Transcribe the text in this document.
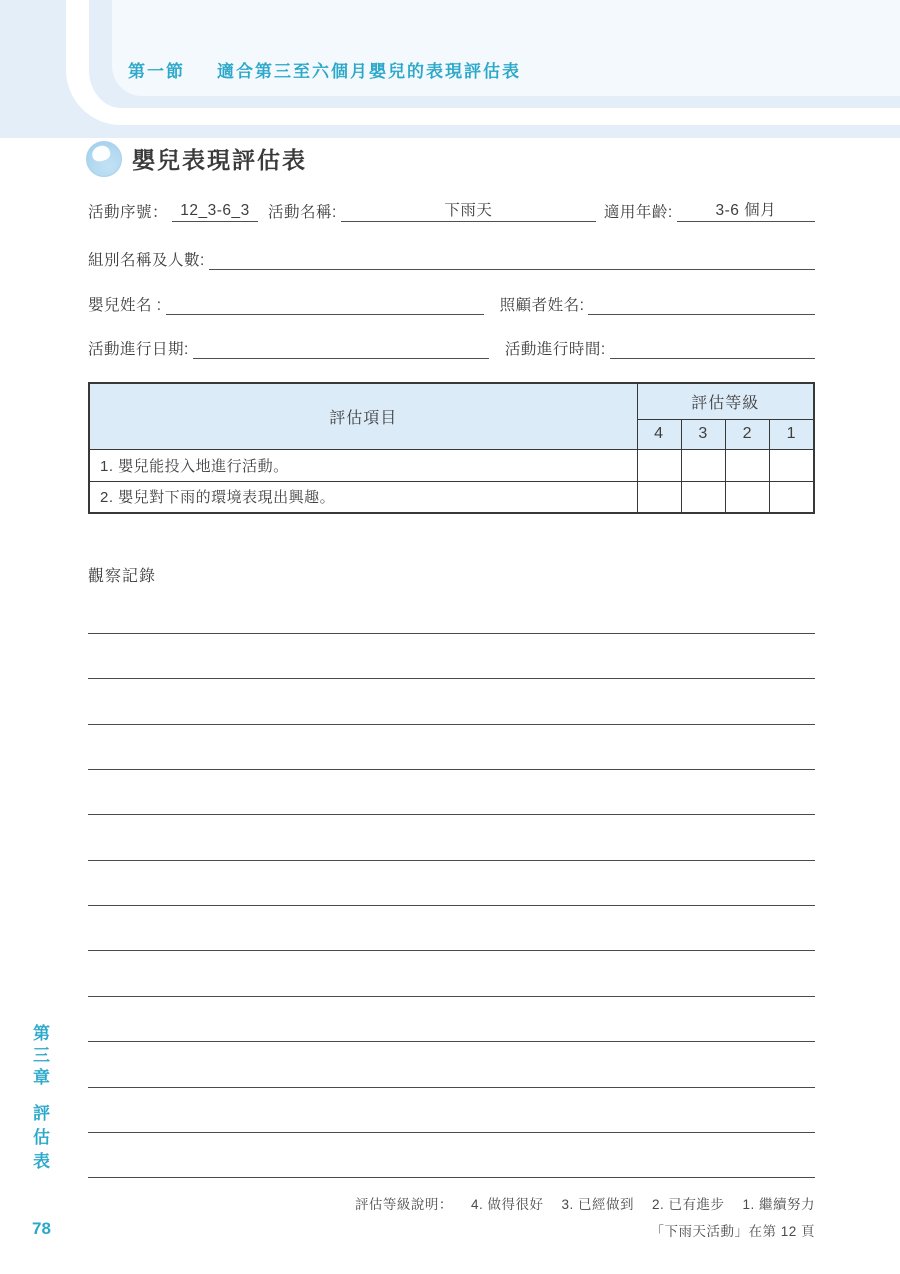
第一節 適合第三至六個月嬰兒的表現評估表
嬰兒表現評估表
活動序號： 12_3-6_3 活動名稱:	下雨天	適用年齡:	3-6 個月
組別名稱及人數:
嬰兒姓名 :	照顧者姓名:
活動進行日期:	活動進行時間:
評估項目	評估等級			
	4	3	2	1
1. 嬰兒能投入地進行活動。				
2. 嬰兒對下雨的環境表現出興趣。				
觀察記錄
第三章
評估表
78
評估等級說明： 4. 做得很好 3. 已經做到 2. 已有進步 1. 繼續努力
「下雨天活動」在第 12 頁
